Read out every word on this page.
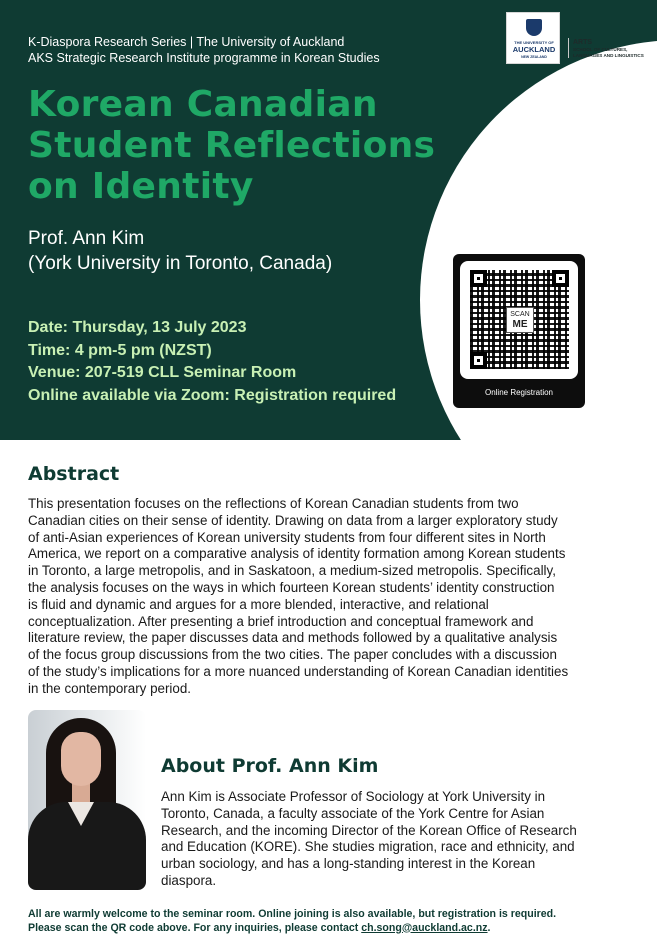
K-Diaspora Research Series | The University of Auckland
AKS Strategic Research Institute programme in Korean Studies
Korean Canadian
Student Reflections
on Identity
Prof. Ann Kim
(York University in Toronto, Canada)
Date: Thursday, 13 July 2023
Time: 4 pm-5 pm (NZST)
Venue: 207-519 CLL Seminar Room
Online available via Zoom: Registration required
THE UNIVERSITY OF
AUCKLAND
NEW ZEALAND
ARTS
SCHOOL OF CULTURES,
LANGUAGES AND LINGUISTICS
SCAN
ME
Online Registration
Abstract
This presentation focuses on the reflections of Korean Canadian students from two
Canadian cities on their sense of identity. Drawing on data from a larger exploratory study
of anti-Asian experiences of Korean university students from four different sites in North
America, we report on a comparative analysis of identity formation among Korean students
in Toronto, a large metropolis, and in Saskatoon, a medium-sized metropolis. Specifically,
the analysis focuses on the ways in which fourteen Korean students’ identity construction
is fluid and dynamic and argues for a more blended, interactive, and relational
conceptualization. After presenting a brief introduction and conceptual framework and
literature review, the paper discusses data and methods followed by a qualitative analysis
of the focus group discussions from the two cities. The paper concludes with a discussion
of the study’s implications for a more nuanced understanding of Korean Canadian identities
in the contemporary period.
About Prof. Ann Kim
Ann Kim is Associate Professor of Sociology at York University in
Toronto, Canada, a faculty associate of the York Centre for Asian
Research, and the incoming Director of the Korean Office of Research
and Education (KORE). She studies migration, race and ethnicity, and
urban sociology, and has a long-standing interest in the Korean
diaspora.
All are warmly welcome to the seminar room. Online joining is also available, but registration is required.
Please scan the QR code above. For any inquiries, please contact ch.song@auckland.ac.nz.
